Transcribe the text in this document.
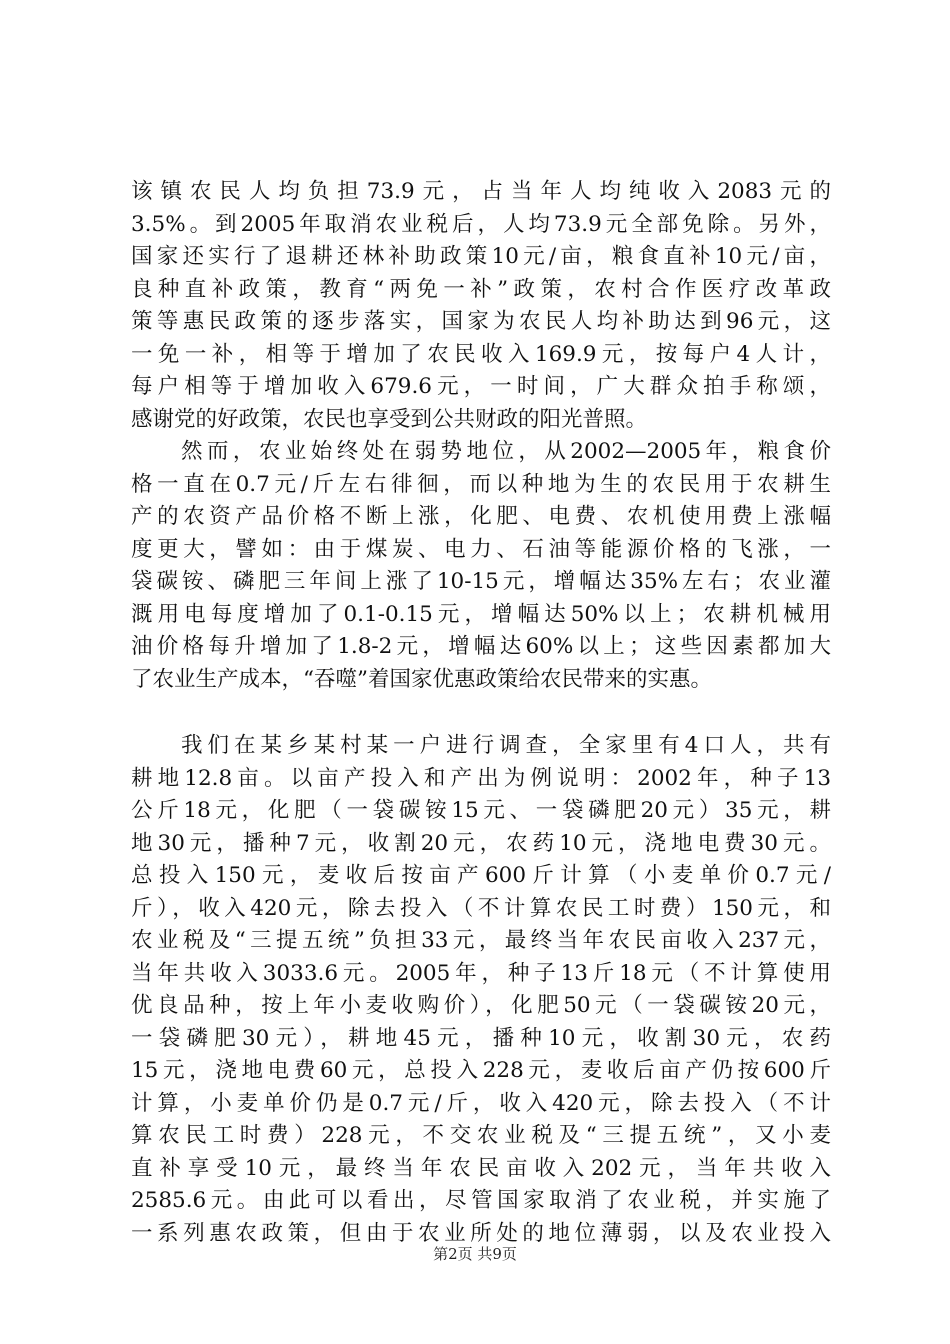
该镇农民人均负担73.9元，占当年人均纯收入2083元的
3.5%。到2005年取消农业税后，人均73.9元全部免除。另外，
国家还实行了退耕还林补助政策10元/亩，粮食直补10元/亩，
良种直补政策，教育“两免一补”政策，农村合作医疗改革政
策等惠民政策的逐步落实，国家为农民人均补助达到96元，这
一免一补，相等于增加了农民收入169.9元，按每户4人计，
每户相等于增加收入679.6元，一时间，广大群众拍手称颂，
感谢党的好政策，农民也享受到公共财政的阳光普照。
然而，农业始终处在弱势地位，从2002—2005年，粮食价
格一直在0.7元/斤左右徘徊，而以种地为生的农民用于农耕生
产的农资产品价格不断上涨，化肥、电费、农机使用费上涨幅
度更大，譬如：由于煤炭、电力、石油等能源价格的飞涨，一
袋碳铵、磷肥三年间上涨了10-15元，增幅达35%左右；农业灌
溉用电每度增加了0.1-0.15元，增幅达50%以上；农耕机械用
油价格每升增加了1.8-2元，增幅达60%以上；这些因素都加大
了农业生产成本，“吞噬”着国家优惠政策给农民带来的实惠。
我们在某乡某村某一户进行调查，全家里有4口人，共有
耕地12.8亩。以亩产投入和产出为例说明：2002年，种子13
公斤18元，化肥（一袋碳铵15元、一袋磷肥20元）35元，耕
地30元，播种7元，收割20元，农药10元，浇地电费30元。
总投入150元，麦收后按亩产600斤计算（小麦单价0.7元/
斤），收入420元，除去投入（不计算农民工时费）150元，和
农业税及“三提五统”负担33元，最终当年农民亩收入237元，
当年共收入3033.6元。2005年，种子13斤18元（不计算使用
优良品种，按上年小麦收购价），化肥50元（一袋碳铵20元，
一袋磷肥30元），耕地45元，播种10元，收割30元，农药
15元，浇地电费60元，总投入228元，麦收后亩产仍按600斤
计算，小麦单价仍是0.7元/斤，收入420元，除去投入（不计
算农民工时费）228元，不交农业税及“三提五统”，又小麦
直补享受10元，最终当年农民亩收入202元，当年共收入
2585.6元。由此可以看出，尽管国家取消了农业税，并实施了
一系列惠农政策，但由于农业所处的地位薄弱，以及农业投入
第2页 共9页
